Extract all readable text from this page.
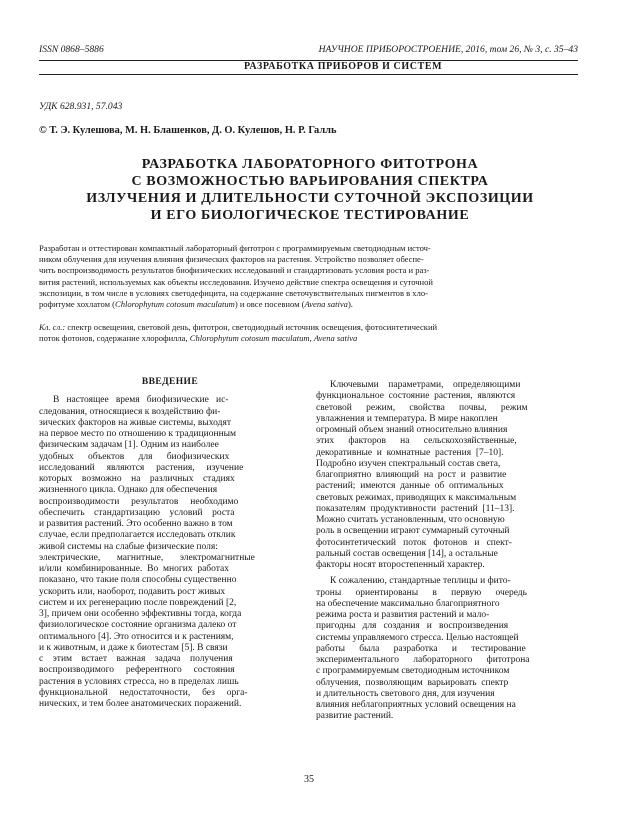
ISSN 0868–5886	НАУЧНОЕ ПРИБОРОСТРОЕНИЕ, 2016, том 26, № 3, с. 35–43
РАЗРАБОТКА ПРИБОРОВ И СИСТЕМ
УДК 628.931, 57.043
© Т. Э. Кулешова, М. Н. Блашенков, Д. О. Кулешов, Н. Р. Галль
РАЗРАБОТКА ЛАБОРАТОРНОГО ФИТОТРОНА
С ВОЗМОЖНОСТЬЮ ВАРЬИРОВАНИЯ СПЕКТРА
ИЗЛУЧЕНИЯ И ДЛИТЕЛЬНОСТИ СУТОЧНОЙ ЭКСПОЗИЦИИ
И ЕГО БИОЛОГИЧЕСКОЕ ТЕСТИРОВАНИЕ
Разработан и оттестирован компактный лабораторный фитотрон с программируемым светодиодным источ-
ником облучения для изучения влияния физических факторов на растения. Устройство позволяет обеспе-
чить воспроизводимость результатов биофизических исследований и стандартизовать условия роста и раз-
вития растений, используемых как объекты исследования. Изучено действие спектра освещения и суточной
экспозиции, в том числе в условиях светодефицита, на содержание светочувствительных пигментов в хло-
рофитуме хохлатом (Chlorophytum cotosum maculatum) и овсе посевном (Avena sativa).
Кл. сл.: спектр освещения, световой день, фитотрон, светодиодный источник освещения, фотосинтетический
поток фотонов, содержание хлорофилла, Chlorophytum cotosum maculatum, Avena sativa
ВВЕДЕНИЕ
В   настоящее   время   биофизические   ис-
следования, относящиеся к воздействию фи-
зических факторов на живые системы, выходят
на первое место по отношению к традиционным
физическим задачам [1]. Одним из наиболее
удобных      объектов      для      биофизических
исследований     являются     растения,     изучение
которых    возможно    на    различных    стадиях
жизненного цикла. Однако для обеспечения
воспроизводимости     результатов     необходимо
обеспечить    стандартизацию    условий    роста
и развития растений. Это особенно важно в том
случае, если предполагается исследовать отклик
живой системы на слабые физические поля:
электрические,       магнитные,       электромагнитные
и/или  комбинированные.  Во  многих  работах
показано, что такие поля способны существенно
ускорить или, наоборот, подавить рост живых
систем и их регенерацию после повреждений [2,
3], причем они особенно эффективны тогда, когда
физиологическое состояние организма далеко от
оптимального [4]. Это относится и к растениям,
и к животным, и даже к биотестам [5]. В связи
с    этим    встает    важная    задача    получения
воспроизводимого     референтного     состояния
растения в условиях стресса, но в пределах лишь
функциональной     недостаточности,     без     орга-
нических, и тем более анатомических поражений.
Ключевыми    параметрами,    определяющими
функциональное  состояние  растения,  являются
световой      режим,      свойства      почвы,      режим
увлажнения и температура. В мире накоплен
огромный объем знаний относительно влияния
этих      факторов      на      сельскохозяйственные,
декоративные  и  комнатные  растения  [7–10].
Подробно изучен спектральный состав света,
благоприятно  влияющий  на  рост  и  развитие
растений;  имеются  данные  об  оптимальных
световых режимах, приводящих к максимальным
показателям  продуктивности  растений  [11–13].
Можно считать установленным, что основную
роль в освещении играют суммарный суточный
фотосинтетический   поток   фотонов   и   спект-
ральный состав освещения [14], а остальные
факторы носят второстепенный характер.
К сожалению, стандартные теплицы и фито-
троны      ориентированы      в      первую      очередь
на обеспечение максимально благоприятного
режима роста и развития растений и мало-
пригодны   для   создания   и   воспроизведения
системы управляемого стресса. Целью настоящей
работы      была      разработка      и      тестирование
экспериментального      лабораторного      фитотрона
с программируемым светодиодным источником
облучения,  позволяющим  варьировать  спектр
и длительность светового дня, для изучения
влияния неблагоприятных условий освещения на
развитие растений.
35
